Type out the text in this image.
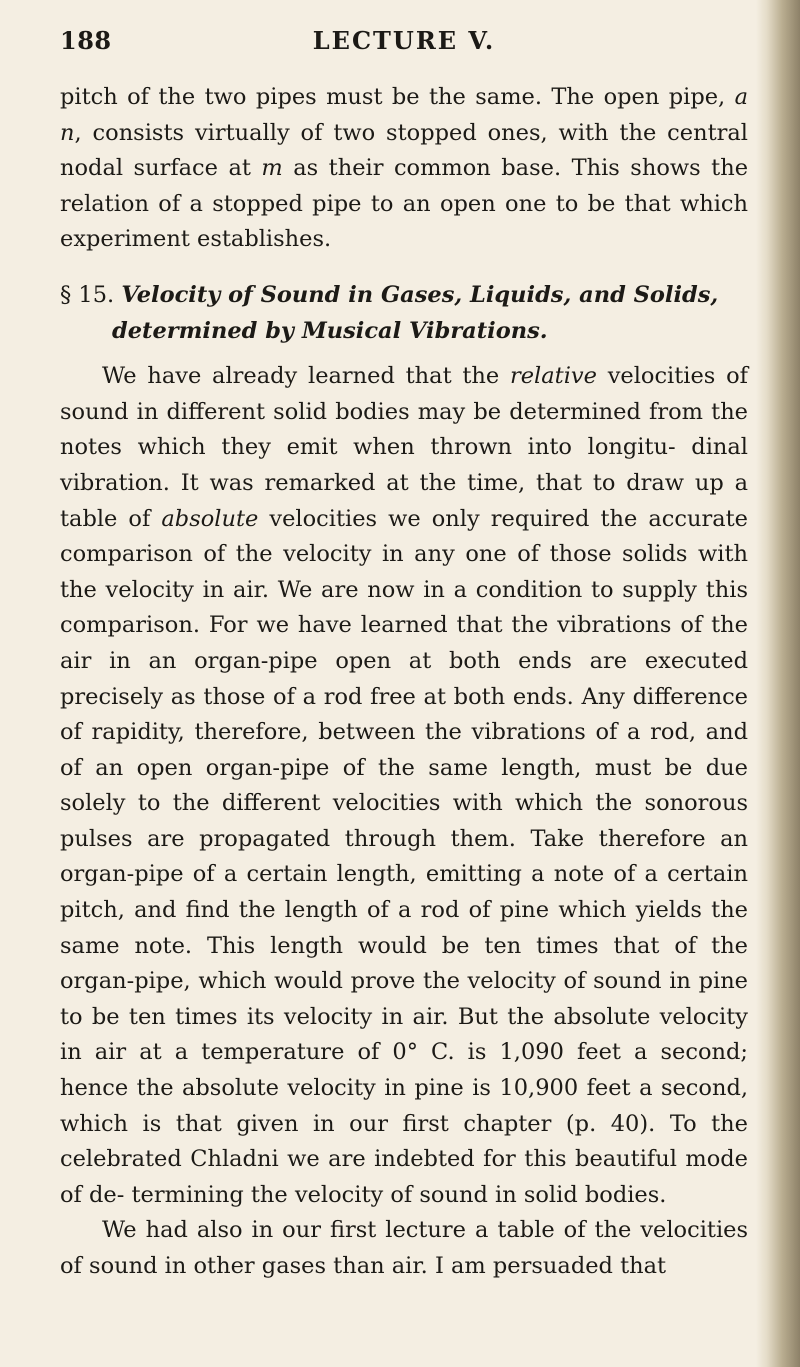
188	LECTURE V.

pitch of the two pipes must be the same. The open pipe, a n, consists virtually of two stopped ones, with the central nodal surface at m as their common base. This shows the relation of a stopped pipe to an open one to be that which experiment establishes.

§ 15. Velocity of Sound in Gases, Liquids, and Solids, determined by Musical Vibrations.

We have already learned that the relative velocities of sound in different solid bodies may be determined from the notes which they emit when thrown into longitu- dinal vibration. It was remarked at the time, that to draw up a table of absolute velocities we only required the accurate comparison of the velocity in any one of those solids with the velocity in air. We are now in a condition to supply this comparison. For we have learned that the vibrations of the air in an organ-pipe open at both ends are executed precisely as those of a rod free at both ends. Any difference of rapidity, therefore, between the vibrations of a rod, and of an open organ-pipe of the same length, must be due solely to the different velocities with which the sonorous pulses are propagated through them. Take therefore an organ-pipe of a certain length, emitting a note of a certain pitch, and find the length of a rod of pine which yields the same note. This length would be ten times that of the organ-pipe, which would prove the velocity of sound in pine to be ten times its velocity in air. But the absolute velocity in air at a temperature of 0° C. is 1,090 feet a second; hence the absolute velocity in pine is 10,900 feet a second, which is that given in our first chapter (p. 40). To the celebrated Chladni we are indebted for this beautiful mode of de- termining the velocity of sound in solid bodies.

We had also in our first lecture a table of the velocities of sound in other gases than air. I am persuaded that
